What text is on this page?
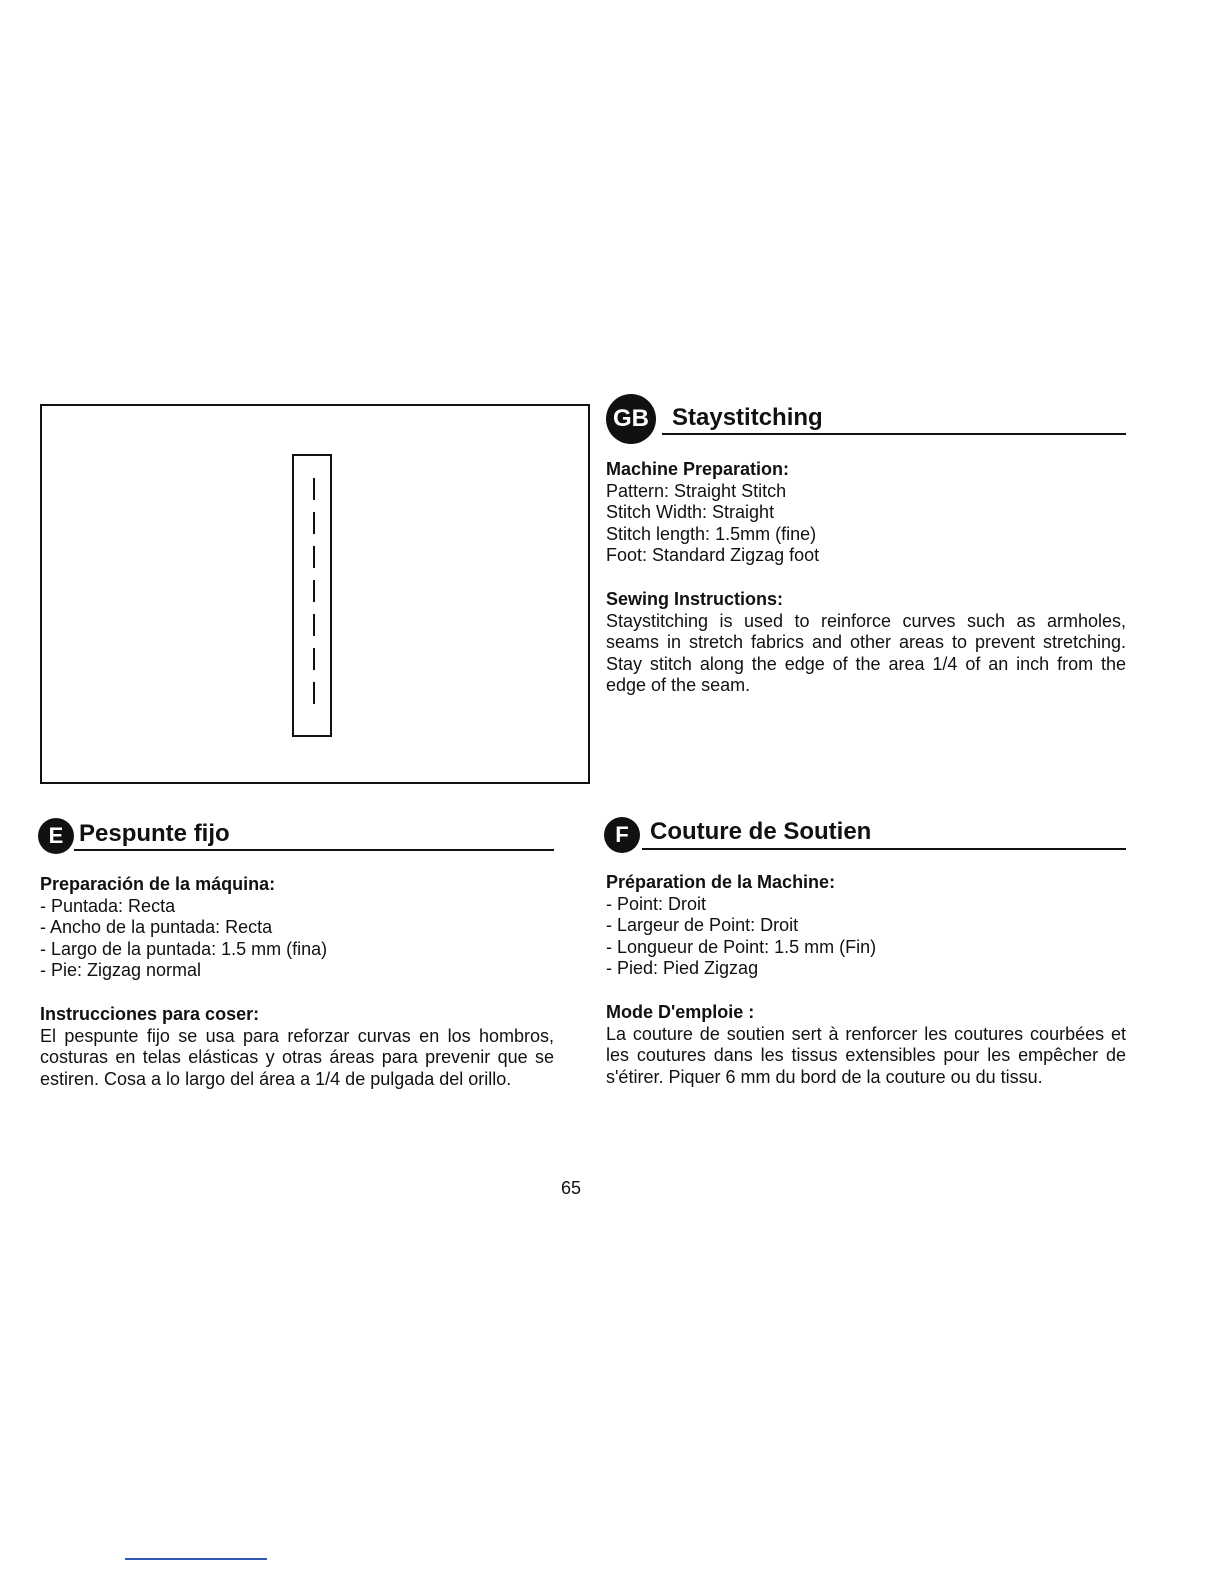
GB Staystitching
Machine Preparation:
Pattern: Straight Stitch
Stitch Width: Straight
Stitch length: 1.5mm (fine)
Foot: Standard Zigzag foot
Sewing Instructions:
Staystitching is used to reinforce curves such as armholes, seams in stretch fabrics and other areas to prevent stretching. Stay stitch along the edge of the area 1/4 of an inch from the edge of the seam.
E Pespunte fijo
Preparación de la máquina:
- Puntada: Recta
- Ancho de la puntada: Recta
- Largo de la puntada: 1.5 mm (fina)
- Pie: Zigzag normal
Instrucciones para coser:
El pespunte fijo se usa para reforzar curvas en los hombros, costuras en telas elásticas y otras áreas para prevenir que se estiren. Cosa a lo largo del área a 1/4 de pulgada del orillo.
F Couture de Soutien
Préparation de la Machine:
- Point: Droit
- Largeur de Point: Droit
- Longueur de Point: 1.5 mm (Fin)
- Pied: Pied Zigzag
Mode D'emploie :
La couture de soutien sert à renforcer les coutures courbées et les coutures dans les tissus extensibles pour les empêcher de s'étirer. Piquer 6 mm du bord de la couture ou du tissu.
65
